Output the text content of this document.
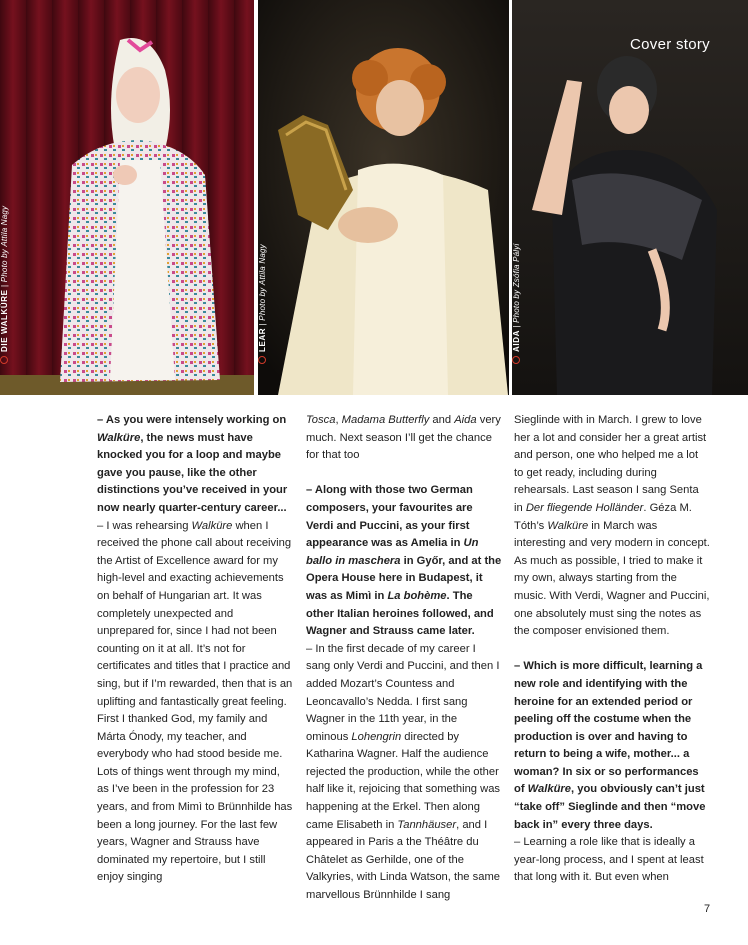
DIE WALKÜRE | Photo by Attila Nagy
LEAR | Photo by Attila Nagy
Cover story
AIDA | Photo by Zsófia Pályi

– As you were intensely working on Walküre, the news must have knocked you for a loop and maybe gave you pause, like the other distinctions you’ve received in your now nearly quarter-century career...

– I was rehearsing Walküre when I received the phone call about receiving the Artist of Excellence award for my high-level and exacting achievements on behalf of Hungarian art. It was completely unexpected and unprepared for, since I had not been counting on it at all. It’s not for certificates and titles that I practice and sing, but if I’m rewarded, then that is an uplifting and fantastically great feeling. First I thanked God, my family and Márta Ónody, my teacher, and everybody who had stood beside me. Lots of things went through my mind, as I’ve been in the profession for 23 years, and from Mimì to Brünnhilde has been a long journey. For the last few years, Wagner and Strauss have dominated my repertoire, but I still enjoy singing

Tosca, Madama Butterfly and Aida very much. Next season I’ll get the chance for that too

– Along with those two German composers, your favourites are Verdi and Puccini, as your first appearance was as Amelia in Un ballo in maschera in Győr, and at the Opera House here in Budapest, it was as Mimì in La bohème. The other Italian heroines followed, and Wagner and Strauss came later.

– In the first decade of my career I sang only Verdi and Puccini, and then I added Mozart’s Countess and Leoncavallo’s Nedda. I first sang Wagner in the 11th year, in the ominous Lohengrin directed by Katharina Wagner. Half the audience rejected the production, while the other half like it, rejoicing that something was happening at the Erkel. Then along came Elisabeth in Tannhäuser, and I appeared in Paris a the Théâtre du Châtelet as Gerhilde, one of the Valkyries, with Linda Watson, the same marvellous Brünnhilde I sang

Sieglinde with in March. I grew to love her a lot and consider her a great artist and person, one who helped me a lot to get ready, including during rehearsals. Last season I sang Senta in Der fliegende Holländer. Géza M. Tóth’s Walküre in March was interesting and very modern in concept. As much as possible, I tried to make it my own, always starting from the music. With Verdi, Wagner and Puccini, one absolutely must sing the notes as the composer envisioned them.

– Which is more difficult, learning a new role and identifying with the heroine for an extended period or peeling off the costume when the production is over and having to return to being a wife, mother... a woman? In six or so performances of Walküre, you obviously can’t just “take off” Sieglinde and then “move back in” every three days.

– Learning a role like that is ideally a year-long process, and I spent at least that long with it. But even when

7
